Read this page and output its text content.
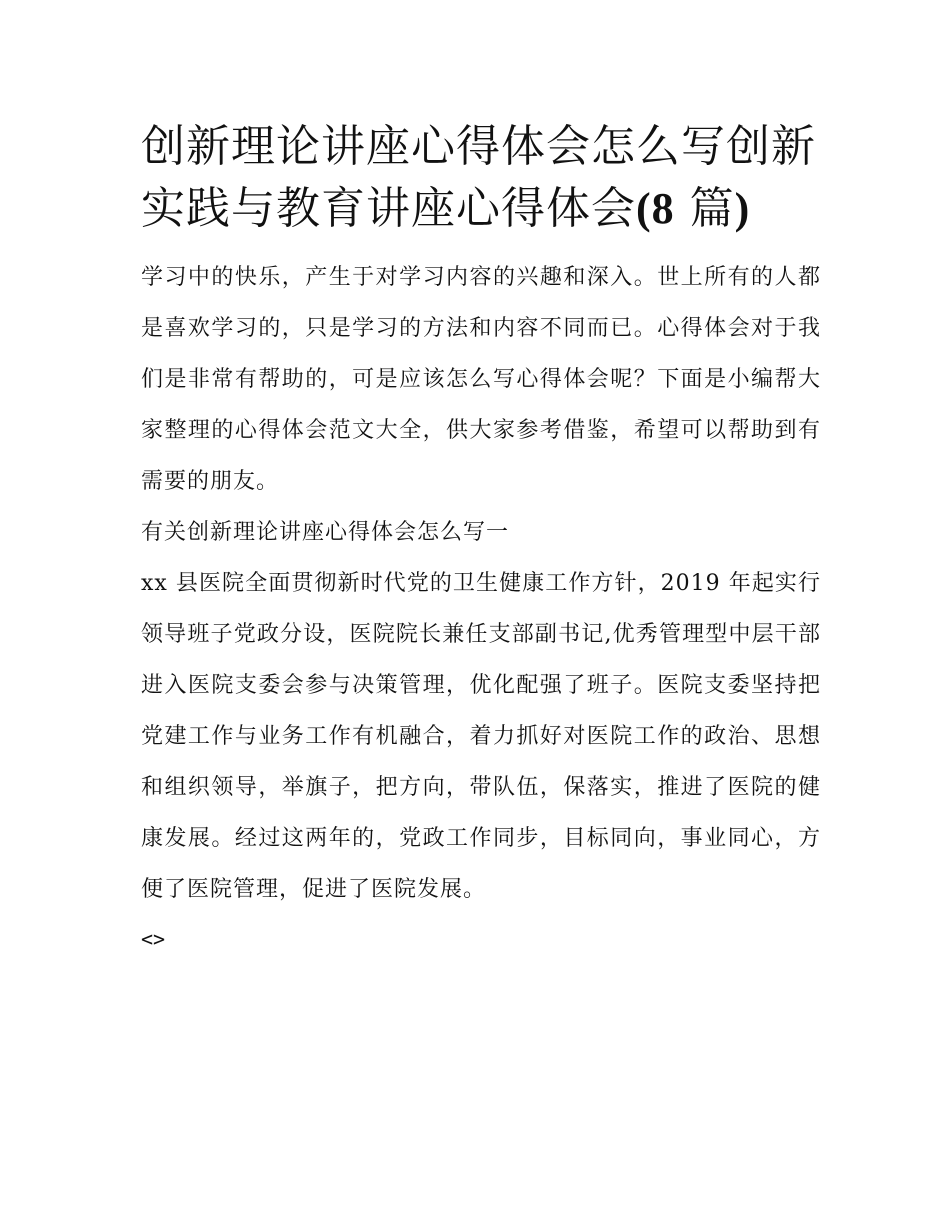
创新理论讲座心得体会怎么写创新实践与教育讲座心得体会(8 篇)

学习中的快乐，产生于对学习内容的兴趣和深入。世上所有的人都是喜欢学习的，只是学习的方法和内容不同而已。心得体会对于我们是非常有帮助的，可是应该怎么写心得体会呢？下面是小编帮大家整理的心得体会范文大全，供大家参考借鉴，希望可以帮助到有需要的朋友。

有关创新理论讲座心得体会怎么写一

xx 县医院全面贯彻新时代党的卫生健康工作方针，2019 年起实行领导班子党政分设，医院院长兼任支部副书记,优秀管理型中层干部进入医院支委会参与决策管理，优化配强了班子。医院支委坚持把党建工作与业务工作有机融合，着力抓好对医院工作的政治、思想和组织领导，举旗子，把方向，带队伍，保落实，推进了医院的健康发展。经过这两年的，党政工作同步，目标同向，事业同心，方便了医院管理，促进了医院发展。

<>
